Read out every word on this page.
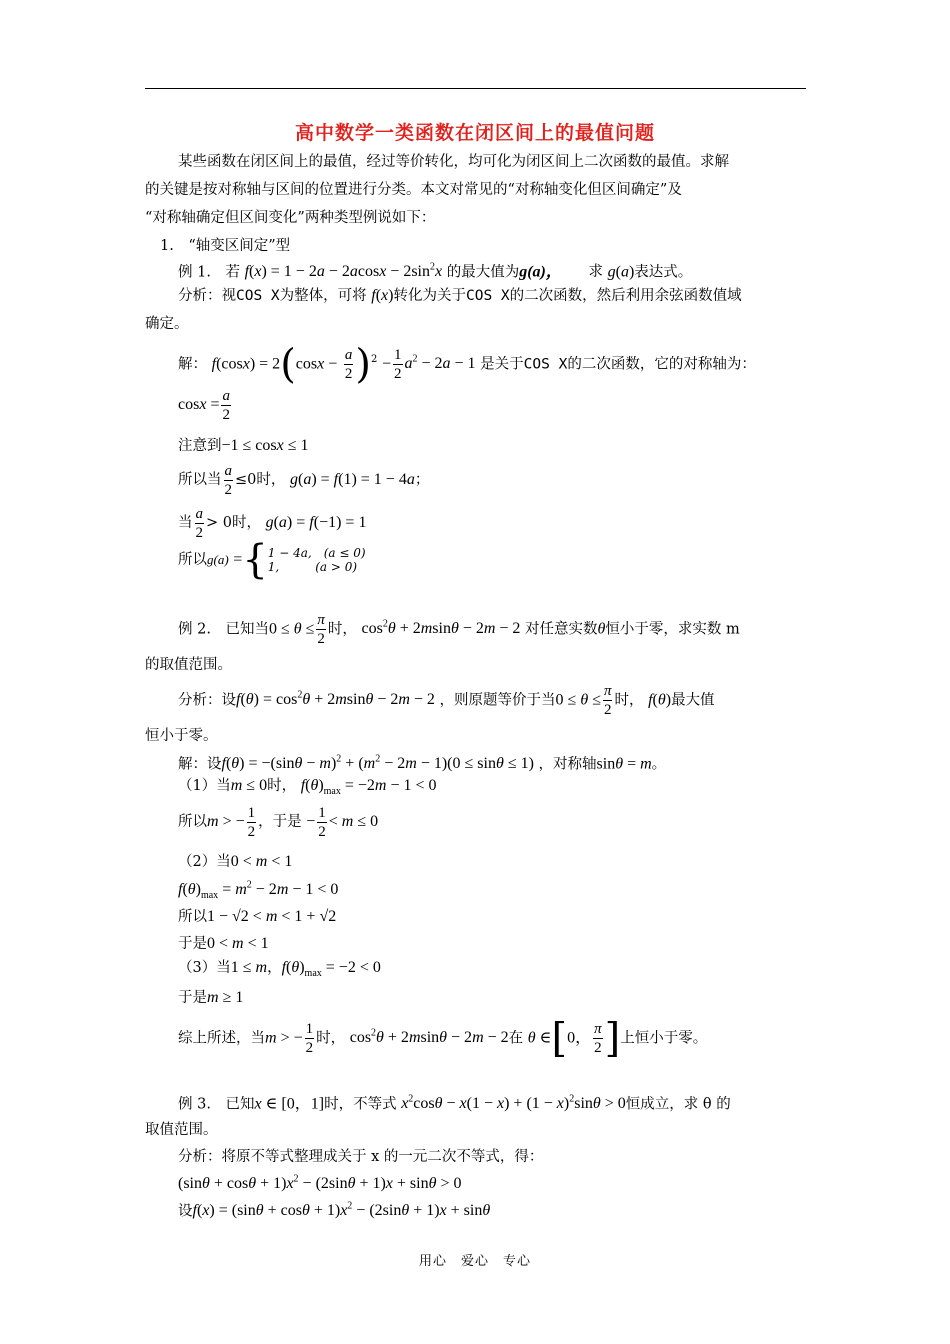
高中数学一类函数在闭区间上的最值问题
某些函数在闭区间上的最值，经过等价转化，均可化为闭区间上二次函数的最值。求解
的关键是按对称轴与区间的位置进行分类。本文对常见的“对称轴变化但区间确定”及
“对称轴确定但区间变化”两种类型例说如下：
1.　“轴变区间定”型
例 1.　若 $f(x) = 1 - 2a - 2acosx - 2\sin^2x$ 的最大值为g(a)， 求 g(a)表达式。
分析：视COS X为整体，可将 f(x)转化为关于COS X的二次函数，然后利用余弦函数值域
确定。
解： $f(\cos x) = 2(\cos x - \frac{a}{2} )^2 - \frac{1}{2} a^2 - 2a - 1$ 是关于COS X的二次函数，它的对称轴为：
$\cos x = \frac{a}{2}$
注意到−1 ≤ cosx ≤ 1
所以当 $\frac{a}{2} \le 0$时， g(a) = f(1) = 1 − 4a；
当 $\frac{a}{2} > 0$时， g(a) = f(−1) = 1
所以g(a) ={ 1 − 4a,　(a ≤ 0)
1,　　　(a > 0)
例 2.　已知当$0 \le \theta \le \frac{\pi}{2}$ 时， $\cos^2\theta + 2msin\theta - 2m - 2$ 对任意实数θ恒小于零，求实数 m
的取值范围。
分析：设$f(\theta) = \cos^2\theta + 2msin\theta - 2m - 2$ ，则原题等价于当$0 \le \theta \le \frac{\pi}{2}$ 时， f(θ)最大值
恒小于零。
解：设$f(\theta) = -(\sin\theta - m)^2 + (m^2 - 2m - 1)(0 \le \sin\theta \le 1)$ ，对称轴sinθ = m。
（1）当m ≤ 0时， $f(\theta)_{max} = -2m - 1 < 0$
所以m > − $\frac{1}{2}$ ，于是 − $\frac{1}{2} < m \le 0$
（2）当0 < m < 1
$f(\theta)_{max} = m^2 - 2m - 1 < 0$
所以1 − √2 < m < 1 + √2
于是0 < m < 1
（3）当1 ≤ m，$f(\theta)_{max} = -2 < 0$
于是m ≥ 1
综上所述，当m > − $\frac{1}{2}$ 时， $\cos^2\theta + 2msin\theta - 2m - 2$在 θ ∈[0， $\frac{\pi}{2}$ ]上恒小于零。
例 3.　已知x ∈ [0，1]时，不等式 $x^2\cos\theta - x(1 - x) + (1 - x)^2\sin\theta > 0$恒成立，求 θ 的
取值范围。
分析：将原不等式整理成关于 x 的一元二次不等式，得：
$(\sin\theta + \cos\theta + 1)x^2 - (2\sin\theta + 1)x + \sin\theta > 0$
设$f(x) = (\sin\theta + \cos\theta + 1)x^2 - (2\sin\theta + 1)x + \sin\theta$
用心　爱心　专心
